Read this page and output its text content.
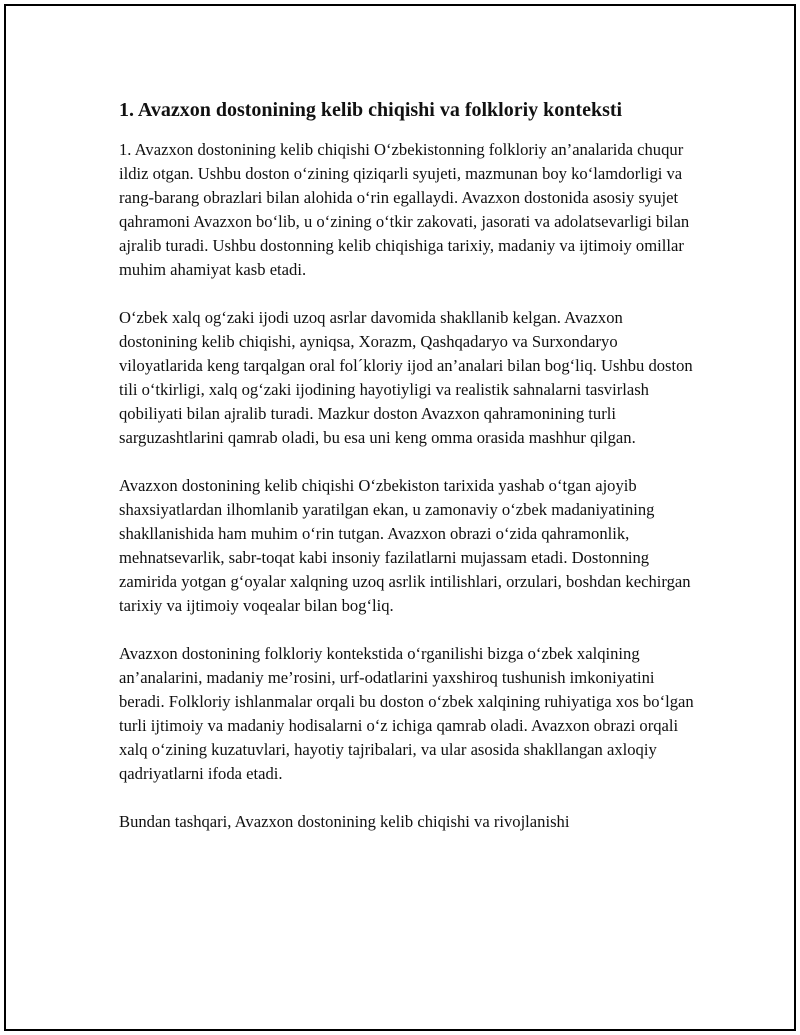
1. Avazxon dostonining kelib chiqishi va folkloriy konteksti

1. Avazxon dostonining kelib chiqishi O‘zbekistonning folkloriy an’analarida chuqur ildiz otgan. Ushbu doston o‘zining qiziqarli syujeti, mazmunan boy ko‘lamdorligi va rang-barang obrazlari bilan alohida o‘rin egallaydi. Avazxon dostonida asosiy syujet qahramoni Avazxon bo‘lib, u o‘zining o‘tkir zakovati, jasorati va adolatsevarligi bilan ajralib turadi. Ushbu dostonning kelib chiqishiga tarixiy, madaniy va ijtimoiy omillar muhim ahamiyat kasb etadi.

O‘zbek xalq og‘zaki ijodi uzoq asrlar davomida shakllanib kelgan. Avazxon dostonining kelib chiqishi, ayniqsa, Xorazm, Qashqadaryo va Surxondaryo viloyatlarida keng tarqalgan oral folˊkloriy ijod an’analari bilan bog‘liq. Ushbu doston tili o‘tkirligi, xalq og‘zaki ijodining hayotiyligi va realistik sahnalarni tasvirlash qobiliyati bilan ajralib turadi. Mazkur doston Avazxon qahramonining turli sarguzashtlarini qamrab oladi, bu esa uni keng omma orasida mashhur qilgan.

Avazxon dostonining kelib chiqishi O‘zbekiston tarixida yashab o‘tgan ajoyib shaxsiyatlardan ilhomlanib yaratilgan ekan, u zamonaviy o‘zbek madaniyatining shakllanishida ham muhim o‘rin tutgan. Avazxon obrazi o‘zida qahramonlik, mehnatsevarlik, sabr-toqat kabi insoniy fazilatlarni mujassam etadi. Dostonning zamirida yotgan g‘oyalar xalqning uzoq asrlik intilishlari, orzulari, boshdan kechirgan tarixiy va ijtimoiy voqealar bilan bog‘liq.

Avazxon dostonining folkloriy kontekstida o‘rganilishi bizga o‘zbek xalqining an’analarini, madaniy me’rosini, urf-odatlarini yaxshiroq tushunish imkoniyatini beradi. Folkloriy ishlanmalar orqali bu doston o‘zbek xalqining ruhiyatiga xos bo‘lgan turli ijtimoiy va madaniy hodisalarni o‘z ichiga qamrab oladi. Avazxon obrazi orqali xalq o‘zining kuzatuvlari, hayotiy tajribalari, va ular asosida shakllangan axloqiy qadriyatlarni ifoda etadi.

Bundan tashqari, Avazxon dostonining kelib chiqishi va rivojlanishi
